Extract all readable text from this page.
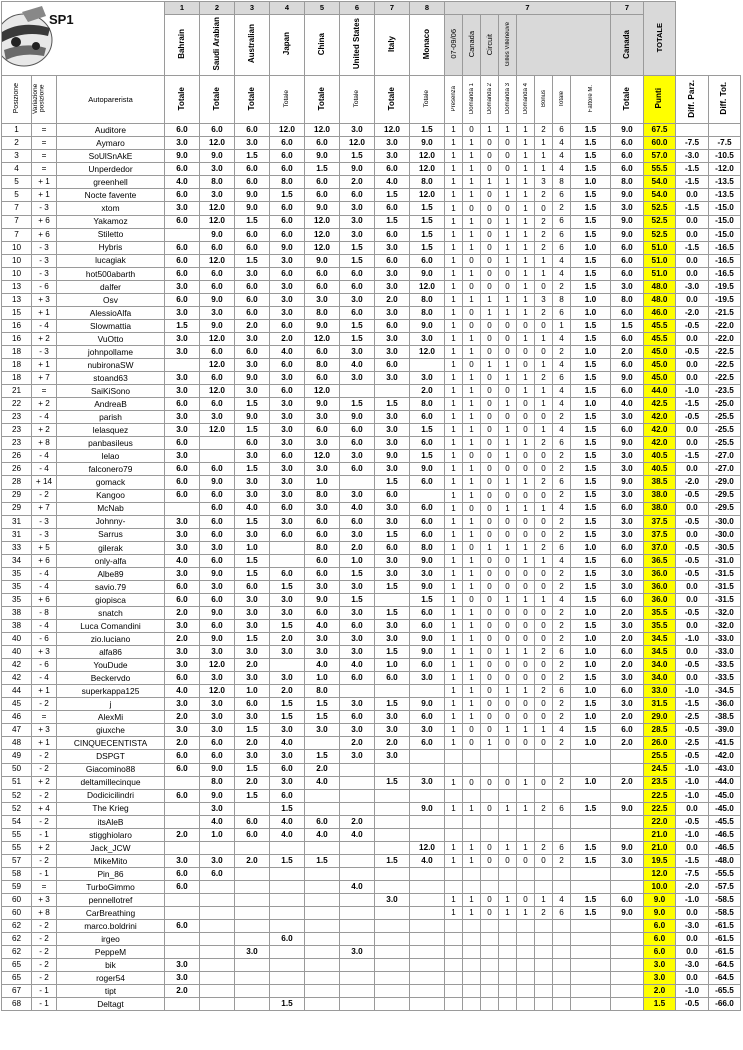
SP1			1	2	3	4	5	6	7	8	7								7	TOTALE		
			Bahrain	Saudi Arabian	Australian	Japan	China	United States	Italy	Monaco	07-09/06	Canada	Circuit	Gilles Villeneuve					Canada			
Posizione	Variazione posizione	Autoparerista	Totale	Totale	Totale	Totale	Totale	Totale	Totale	Totale	Presenza	Domanda 1	Domanda 2	Domanda 3	Domanda 4	Bonus	Totale	Fattore M.	Totale	Punti	Diff. Parz.	Diff. Tot.
1	=	Auditore	6.0	6.0	6.0	12.0	12.0	3.0	12.0	1.5	1	0	1	1	1	2	6	1.5	9.0	67.5		
2	=	Aymaro	3.0	12.0	3.0	6.0	6.0	12.0	3.0	9.0	1	1	0	0	1	1	4	1.5	6.0	60.0	-7.5	-7.5
3	=	SoUlSnAkE	9.0	9.0	1.5	6.0	9.0	1.5	3.0	12.0	1	1	0	0	1	1	4	1.5	6.0	57.0	-3.0	-10.5
4	=	Unperdedor	6.0	3.0	6.0	6.0	1.5	9.0	6.0	12.0	1	1	0	0	1	1	4	1.5	6.0	55.5	-1.5	-12.0
5	+ 1	greenhell	4.0	8.0	6.0	8.0	6.0	2.0	4.0	8.0	1	1	1	1	1	3	8	1.0	8.0	54.0	-1.5	-13.5
5	+ 1	Nocte favente	6.0	3.0	9.0	1.5	6.0	6.0	1.5	12.0	1	1	0	1	1	2	6	1.5	9.0	54.0	0.0	-13.5
7	- 3	xtom	3.0	12.0	9.0	6.0	9.0	3.0	6.0	1.5	1	0	0	0	1	0	2	1.5	3.0	52.5	-1.5	-15.0
7	+ 6	Yakamoz	6.0	12.0	1.5	6.0	12.0	3.0	1.5	1.5	1	1	0	1	1	2	6	1.5	9.0	52.5	0.0	-15.0
7	+ 6	Stiletto		9.0	6.0	6.0	12.0	3.0	6.0	1.5	1	1	0	1	1	2	6	1.5	9.0	52.5	0.0	-15.0
10	- 3	Hybris	6.0	6.0	6.0	9.0	12.0	1.5	3.0	1.5	1	1	0	1	1	2	6	1.0	6.0	51.0	-1.5	-16.5
10	- 3	lucagiak	6.0	12.0	1.5	3.0	9.0	1.5	6.0	6.0	1	0	0	1	1	1	4	1.5	6.0	51.0	0.0	-16.5
10	- 3	hot500abarth	6.0	6.0	3.0	6.0	6.0	6.0	3.0	9.0	1	1	0	0	1	1	4	1.5	6.0	51.0	0.0	-16.5
13	- 6	dalfer	3.0	6.0	6.0	3.0	6.0	6.0	3.0	12.0	1	0	0	0	1	0	2	1.5	3.0	48.0	-3.0	-19.5
13	+ 3	Osv	6.0	9.0	6.0	3.0	3.0	3.0	2.0	8.0	1	1	1	1	1	3	8	1.0	8.0	48.0	0.0	-19.5
15	+ 1	AlessioAlfa	3.0	3.0	6.0	3.0	8.0	6.0	3.0	8.0	1	0	1	1	1	2	6	1.0	6.0	46.0	-2.0	-21.5
16	- 4	Slowmattia	1.5	9.0	2.0	6.0	9.0	1.5	6.0	9.0	1	0	0	0	0	0	1	1.5	1.5	45.5	-0.5	-22.0
16	+ 2	VuOtto	3.0	12.0	3.0	2.0	12.0	1.5	3.0	3.0	1	1	0	0	1	1	4	1.5	6.0	45.5	0.0	-22.0
18	- 3	johnpollame	3.0	6.0	6.0	4.0	6.0	3.0	3.0	12.0	1	1	0	0	0	0	2	1.0	2.0	45.0	-0.5	-22.5
18	+ 1	nubironaSW		12.0	3.0	6.0	8.0	4.0	6.0		1	0	1	1	0	1	4	1.5	6.0	45.0	0.0	-22.5
18	+ 7	stoand63	3.0	6.0	9.0	3.0	6.0	3.0	3.0	3.0	1	1	0	1	1	2	6	1.5	9.0	45.0	0.0	-22.5
21	=	SaiKiSono	3.0	12.0	3.0	6.0	12.0			2.0	1	1	0	0	1	1	4	1.5	6.0	44.0	-1.0	-23.5
22	+ 2	AndreaB	6.0	6.0	1.5	3.0	9.0	1.5	1.5	8.0	1	1	0	1	0	1	4	1.0	4.0	42.5	-1.5	-25.0
23	- 4	parish	3.0	3.0	9.0	3.0	3.0	9.0	3.0	6.0	1	1	0	0	0	0	2	1.5	3.0	42.0	-0.5	-25.5
23	+ 2	lelasquez	3.0	12.0	1.5	3.0	6.0	6.0	3.0	1.5	1	1	0	1	0	1	4	1.5	6.0	42.0	0.0	-25.5
23	+ 8	panbasileus	6.0		6.0	3.0	3.0	6.0	3.0	6.0	1	1	0	1	1	2	6	1.5	9.0	42.0	0.0	-25.5
26	- 4	lelao	3.0		3.0	6.0	12.0	3.0	9.0	1.5	1	0	0	1	0	0	2	1.5	3.0	40.5	-1.5	-27.0
26	- 4	falconero79	6.0	6.0	1.5	3.0	3.0	6.0	3.0	9.0	1	1	0	0	0	0	2	1.5	3.0	40.5	0.0	-27.0
28	+ 14	gomack	6.0	9.0	3.0	3.0	1.0		1.5	6.0	1	1	0	1	1	2	6	1.5	9.0	38.5	-2.0	-29.0
29	- 2	Kangoo	6.0	6.0	3.0	3.0	8.0	3.0	6.0		1	1	0	0	0	0	2	1.5	3.0	38.0	-0.5	-29.5
29	+ 7	McNab		6.0	4.0	6.0	3.0	4.0	3.0	6.0	1	0	0	1	1	1	4	1.5	6.0	38.0	0.0	-29.5
31	- 3	Johnny-	3.0	6.0	1.5	3.0	6.0	6.0	3.0	6.0	1	1	0	0	0	0	2	1.5	3.0	37.5	-0.5	-30.0
31	- 3	Sarrus	3.0	6.0	3.0	6.0	6.0	3.0	1.5	6.0	1	1	0	0	0	0	2	1.5	3.0	37.5	0.0	-30.0
33	+ 5	gilerak	3.0	3.0	1.0		8.0	2.0	6.0	8.0	1	0	1	1	1	2	6	1.0	6.0	37.0	-0.5	-30.5
34	+ 6	only-alfa	4.0	6.0	1.5		6.0	1.0	3.0	9.0	1	1	0	0	1	1	4	1.5	6.0	36.5	-0.5	-31.0
35	- 4	Albe89	3.0	9.0	1.5	6.0	6.0	1.5	3.0	3.0	1	1	0	0	0	0	2	1.5	3.0	36.0	-0.5	-31.5
35	- 4	savio.79	6.0	3.0	6.0	1.5	3.0	3.0	1.5	9.0	1	1	0	0	0	0	2	1.5	3.0	36.0	0.0	-31.5
35	+ 6	giopisca	6.0	6.0	3.0	3.0	9.0	1.5		1.5	1	0	0	1	1	1	4	1.5	6.0	36.0	0.0	-31.5
38	- 8	snatch	2.0	9.0	3.0	3.0	6.0	3.0	1.5	6.0	1	1	0	0	0	0	2	1.0	2.0	35.5	-0.5	-32.0
38	- 4	Luca Comandini	3.0	6.0	3.0	1.5	4.0	6.0	3.0	6.0	1	1	0	0	0	0	2	1.5	3.0	35.5	0.0	-32.0
40	- 6	zio.luciano	2.0	9.0	1.5	2.0	3.0	3.0	3.0	9.0	1	1	0	0	0	0	2	1.0	2.0	34.5	-1.0	-33.0
40	+ 3	alfa86	3.0	3.0	3.0	3.0	3.0	3.0	1.5	9.0	1	1	0	1	1	2	6	1.0	6.0	34.5	0.0	-33.0
42	- 6	YouDude	3.0	12.0	2.0		4.0	4.0	1.0	6.0	1	1	0	0	0	0	2	1.0	2.0	34.0	-0.5	-33.5
42	- 4	Beckervdo	6.0	3.0	3.0	3.0	1.0	6.0	6.0	3.0	1	1	0	0	0	0	2	1.5	3.0	34.0	0.0	-33.5
44	+ 1	superkappa125	4.0	12.0	1.0	2.0	8.0				1	1	0	1	1	2	6	1.0	6.0	33.0	-1.0	-34.5
45	- 2	j	3.0	3.0	6.0	1.5	1.5	3.0	1.5	9.0	1	1	0	0	0	0	2	1.5	3.0	31.5	-1.5	-36.0
46	=	AlexMi	2.0	3.0	3.0	1.5	1.5	6.0	3.0	6.0	1	1	0	0	0	0	2	1.0	2.0	29.0	-2.5	-38.5
47	+ 3	giuxche	3.0	3.0	1.5	3.0	3.0	3.0	3.0	3.0	1	0	0	1	1	1	4	1.5	6.0	28.5	-0.5	-39.0
48	+ 1	CINQUECENTISTA	2.0	6.0	2.0	4.0		2.0	2.0	6.0	1	0	1	0	0	0	2	1.0	2.0	26.0	-2.5	-41.5
49	- 2	DSPGT	6.0	6.0	3.0	3.0	1.5	3.0	3.0											25.5	-0.5	-42.0
50	- 2	Giacomino88	6.0	9.0	1.5	6.0	2.0													24.5	-1.0	-43.0
51	+ 2	deltamillecinque		8.0	2.0	3.0	4.0		1.5	3.0	1	0	0	0	1	0	2	1.0	2.0	23.5	-1.0	-44.0
52	- 2	Dodicicilindri	6.0	9.0	1.5	6.0														22.5	-1.0	-45.0
52	+ 4	The Krieg		3.0		1.5				9.0	1	1	0	1	1	2	6	1.5	9.0	22.5	0.0	-45.0
54	- 2	itsAleB		4.0	6.0	4.0	6.0	2.0												22.0	-0.5	-45.5
55	- 1	stigghiolaro	2.0	1.0	6.0	4.0	4.0	4.0												21.0	-1.0	-46.5
55	+ 2	Jack_JCW								12.0	1	1	0	1	1	2	6	1.5	9.0	21.0	0.0	-46.5
57	- 2	MikeMito	3.0	3.0	2.0	1.5	1.5		1.5	4.0	1	1	0	0	0	0	2	1.5	3.0	19.5	-1.5	-48.0
58	- 1	Pin_86	6.0	6.0																12.0	-7.5	-55.5
59	=	TurboGimmo	6.0					4.0												10.0	-2.0	-57.5
60	+ 3	pennellotref							3.0		1	1	0	1	0	1	4	1.5	6.0	9.0	-1.0	-58.5
60	+ 8	CarBreathing									1	1	0	1	1	2	6	1.5	9.0	9.0	0.0	-58.5
62	- 2	marco.boldrini	6.0																	6.0	-3.0	-61.5
62	- 2	irgeo				6.0														6.0	0.0	-61.5
62	- 2	PeppeM			3.0			3.0												6.0	0.0	-61.5
65	- 2	bik	3.0																	3.0	-3.0	-64.5
65	- 2	roger54	3.0																	3.0	0.0	-64.5
67	- 1	tipt	2.0																	2.0	-1.0	-65.5
68	- 1	Deltagt				1.5														1.5	-0.5	-66.0
